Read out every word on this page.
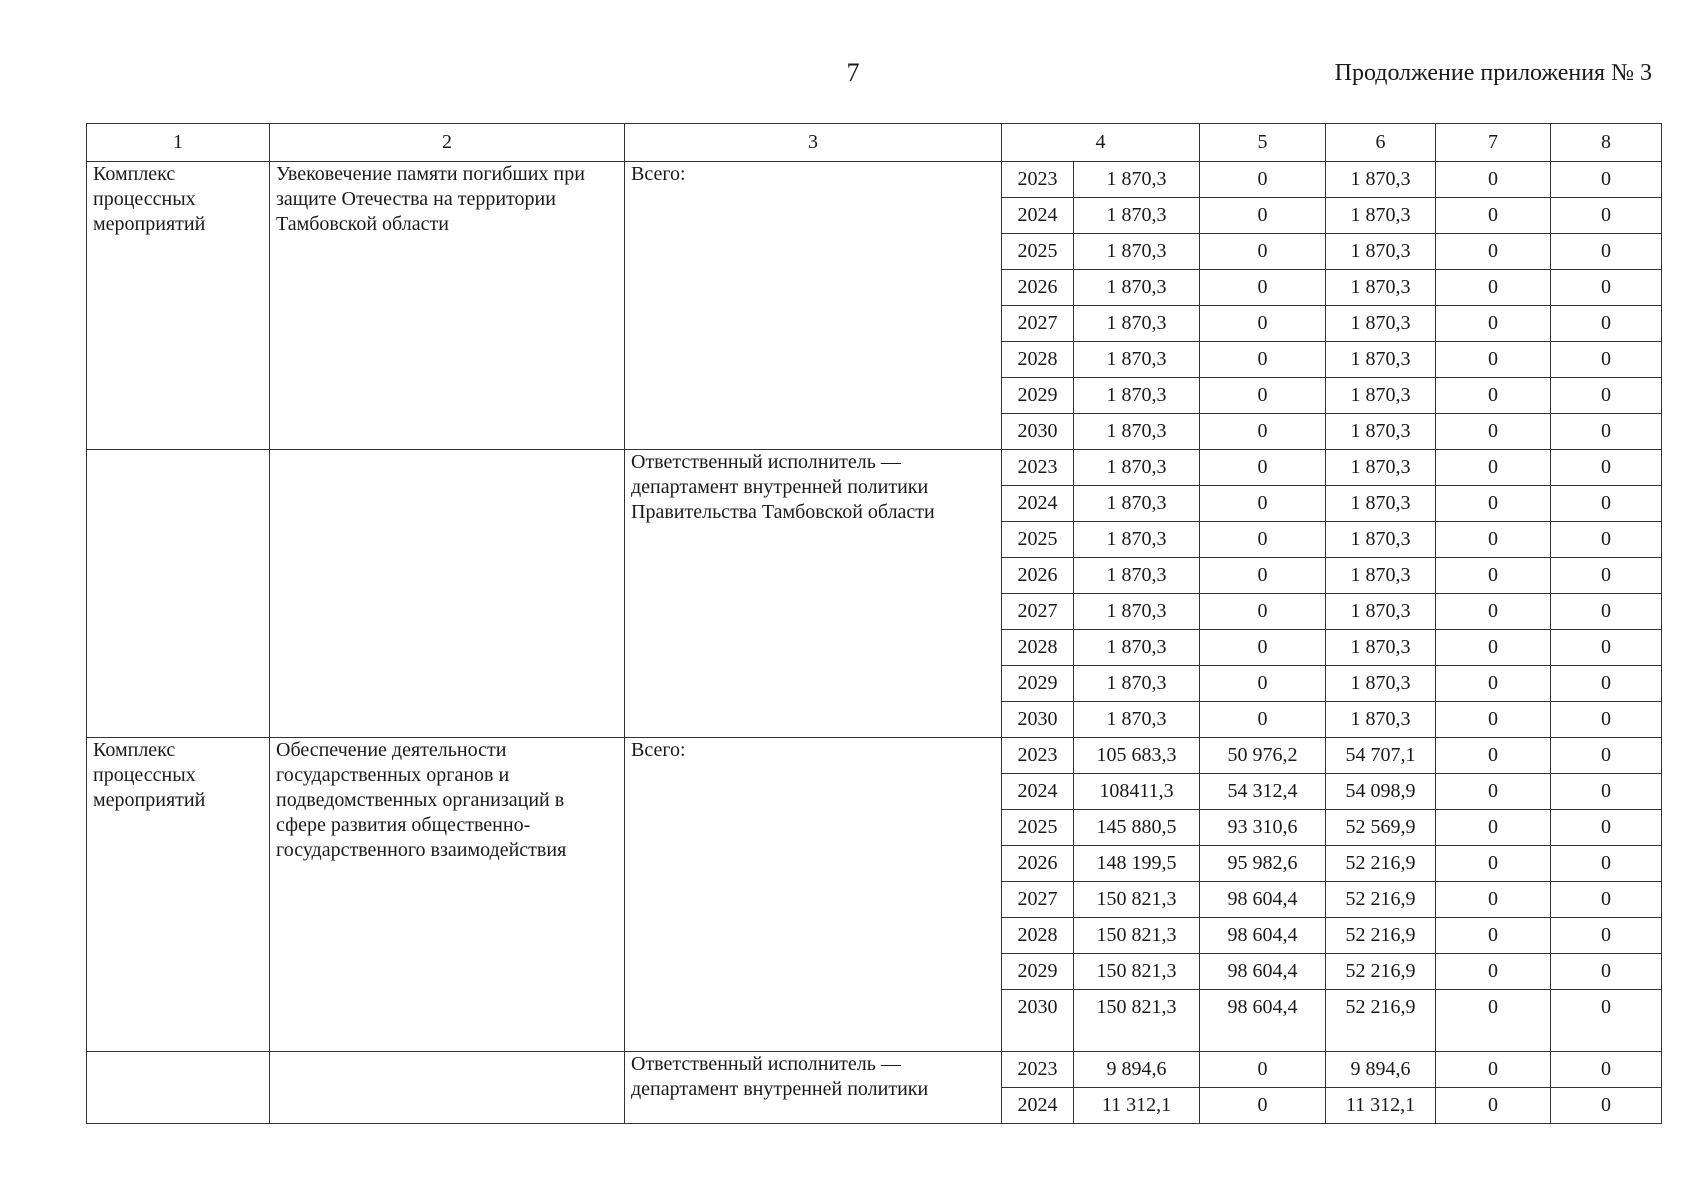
7	Продолжение приложения № 3
1	2	3	4		5	6	7	8
Комплекс процессных мероприятий	Увековечение памяти погибших при защите Отечества на территории Тамбовской области	Всего:	2023	1 870,3	0	1 870,3	0	0
			2024	1 870,3	0	1 870,3	0	0
			2025	1 870,3	0	1 870,3	0	0
			2026	1 870,3	0	1 870,3	0	0
			2027	1 870,3	0	1 870,3	0	0
			2028	1 870,3	0	1 870,3	0	0
			2029	1 870,3	0	1 870,3	0	0
			2030	1 870,3	0	1 870,3	0	0
		Ответственный исполнитель — департамент внутренней политики Правительства Тамбовской области	2023	1 870,3	0	1 870,3	0	0
			2024	1 870,3	0	1 870,3	0	0
			2025	1 870,3	0	1 870,3	0	0
			2026	1 870,3	0	1 870,3	0	0
			2027	1 870,3	0	1 870,3	0	0
			2028	1 870,3	0	1 870,3	0	0
			2029	1 870,3	0	1 870,3	0	0
			2030	1 870,3	0	1 870,3	0	0
Комплекс процессных мероприятий	Обеспечение деятельности государственных органов и подведомственных организаций в сфере развития общественно-государственного взаимодействия	Всего:	2023	105 683,3	50 976,2	54 707,1	0	0
			2024	108411,3	54 312,4	54 098,9	0	0
			2025	145 880,5	93 310,6	52 569,9	0	0
			2026	148 199,5	95 982,6	52 216,9	0	0
			2027	150 821,3	98 604,4	52 216,9	0	0
			2028	150 821,3	98 604,4	52 216,9	0	0
			2029	150 821,3	98 604,4	52 216,9	0	0
			2030	150 821,3	98 604,4	52 216,9	0	0
		Ответственный исполнитель — департамент внутренней политики	2023	9 894,6	0	9 894,6	0	0
			2024	11 312,1	0	11 312,1	0	0
